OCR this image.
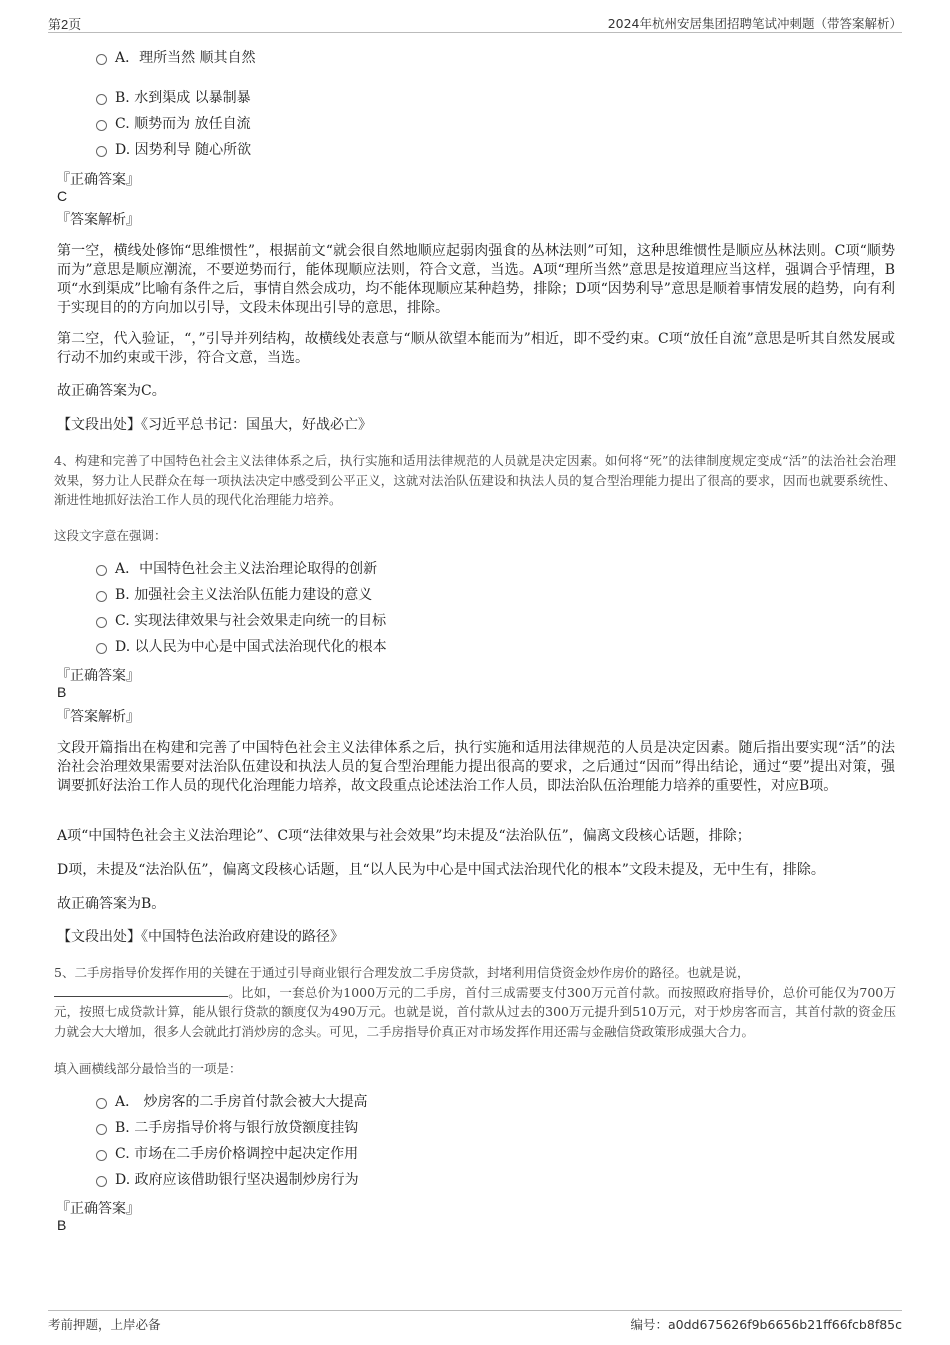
第2页	2024年杭州安居集团招聘笔试冲刺题（带答案解析）
A．理所当然 顺其自然
B. 水到渠成 以暴制暴
C. 顺势而为 放任自流
D. 因势利导 随心所欲
『正确答案』
C
『答案解析』
第一空，横线处修饰“思维惯性”，根据前文“就会很自然地顺应起弱肉强食的丛林法则”可知，这种思维惯性是顺应丛林法则。C项“顺势而为”意思是顺应潮流，不要逆势而行，能体现顺应法则，符合文意，当选。A项“理所当然”意思是按道理应当这样，强调合乎情理，B项“水到渠成”比喻有条件之后，事情自然会成功，均不能体现顺应某种趋势，排除；D项“因势利导”意思是顺着事情发展的趋势，向有利于实现目的的方向加以引导，文段未体现出引导的意思，排除。
第二空，代入验证，“，”引导并列结构，故横线处表意与“顺从欲望本能而为”相近，即不受约束。C项“放任自流”意思是听其自然发展或行动不加约束或干涉，符合文意，当选。
故正确答案为C。
【文段出处】《习近平总书记：国虽大，好战必亡》
4、构建和完善了中国特色社会主义法律体系之后，执行实施和适用法律规范的人员就是决定因素。如何将“死”的法律制度规定变成“活”的法治社会治理效果，努力让人民群众在每一项执法决定中感受到公平正义，这就对法治队伍建设和执法人员的复合型治理能力提出了很高的要求，因而也就要系统性、渐进性地抓好法治工作人员的现代化治理能力培养。
这段文字意在强调：
A．中国特色社会主义法治理论取得的创新
B. 加强社会主义法治队伍能力建设的意义
C. 实现法律效果与社会效果走向统一的目标
D. 以人民为中心是中国式法治现代化的根本
『正确答案』
B
『答案解析』
文段开篇指出在构建和完善了中国特色社会主义法律体系之后，执行实施和适用法律规范的人员是决定因素。随后指出要实现“活”的法治社会治理效果需要对法治队伍建设和执法人员的复合型治理能力提出很高的要求，之后通过“因而”得出结论，通过“要”提出对策，强调要抓好法治工作人员的现代化治理能力培养，故文段重点论述法治工作人员，即法治队伍治理能力培养的重要性，对应B项。
A项“中国特色社会主义法治理论”、C项“法律效果与社会效果”均未提及“法治队伍”，偏离文段核心话题，排除；
D项，未提及“法治队伍”，偏离文段核心话题，且“以人民为中心是中国式法治现代化的根本”文段未提及，无中生有，排除。
故正确答案为B。
【文段出处】《中国特色法治政府建设的路径》
5、二手房指导价发挥作用的关键在于通过引导商业银行合理发放二手房贷款，封堵利用信贷资金炒作房价的路径。也就是说，
。比如，一套总价为1000万元的二手房，首付三成需要支付300万元首付款。而按照政府指导价，总价可能仅为700万元，按照七成贷款计算，能从银行贷款的额度仅为490万元。也就是说，首付款从过去的300万元提升到510万元，对于炒房客而言，其首付款的资金压力就会大大增加，很多人会就此打消炒房的念头。可见，二手房指导价真正对市场发挥作用还需与金融信贷政策形成强大合力。
填入画横线部分最恰当的一项是：
A． 炒房客的二手房首付款会被大大提高
B. 二手房指导价将与银行放贷额度挂钩
C. 市场在二手房价格调控中起决定作用
D. 政府应该借助银行坚决遏制炒房行为
『正确答案』
B
考前押题，上岸必备	编号：a0dd675626f9b6656b21ff66fcb8f85c
